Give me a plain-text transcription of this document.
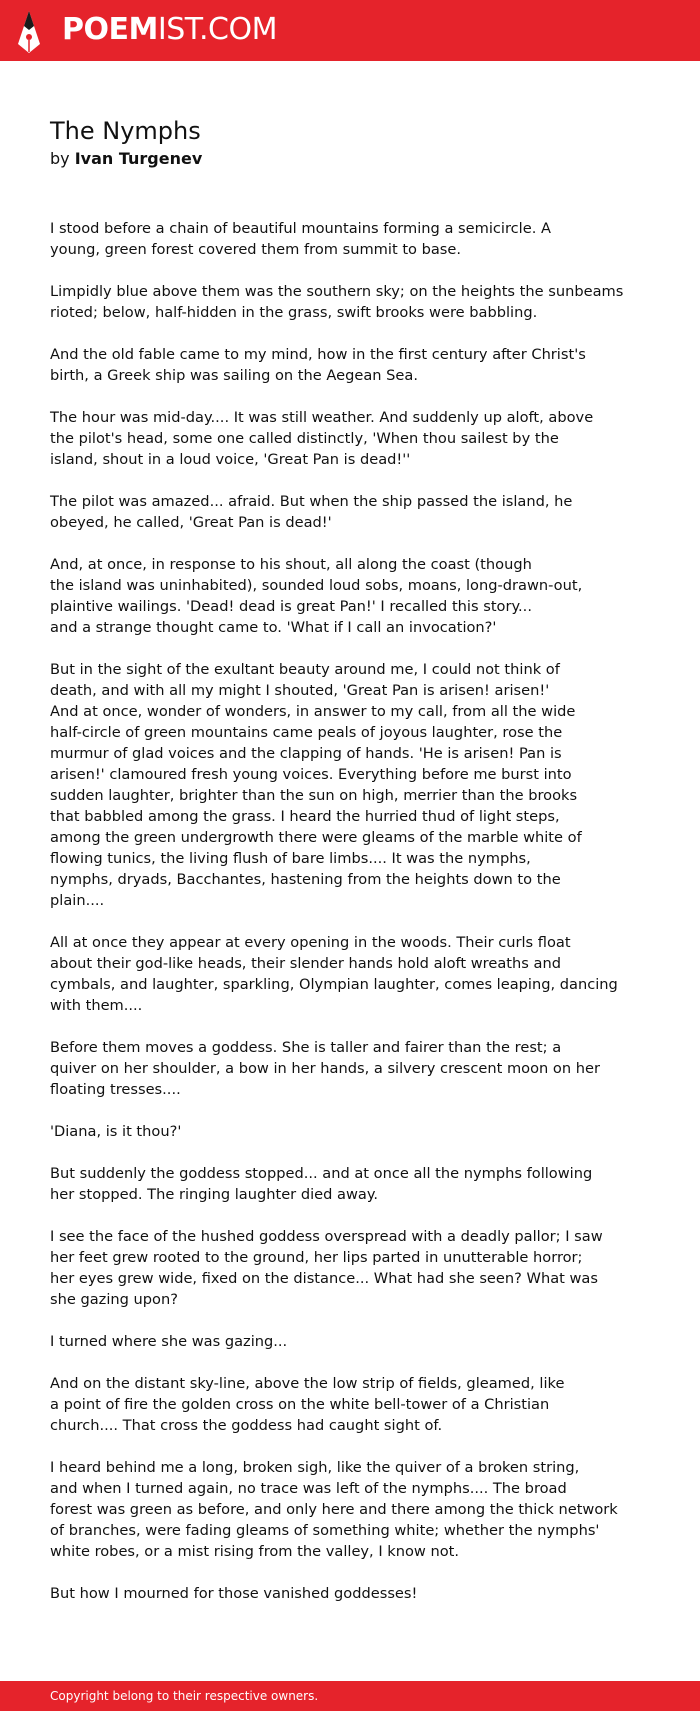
POEMIST.COM
The Nymphs
by Ivan Turgenev

I stood before a chain of beautiful mountains forming a semicircle. A
young, green forest covered them from summit to base.

Limpidly blue above them was the southern sky; on the heights the sunbeams
rioted; below, half-hidden in the grass, swift brooks were babbling.

And the old fable came to my mind, how in the first century after Christ's
birth, a Greek ship was sailing on the Aegean Sea.

The hour was mid-day.... It was still weather. And suddenly up aloft, above
the pilot's head, some one called distinctly, 'When thou sailest by the
island, shout in a loud voice, 'Great Pan is dead!''

The pilot was amazed... afraid. But when the ship passed the island, he
obeyed, he called, 'Great Pan is dead!'

And, at once, in response to his shout, all along the coast (though
the island was uninhabited), sounded loud sobs, moans, long-drawn-out,
plaintive wailings. 'Dead! dead is great Pan!' I recalled this story...
and a strange thought came to. 'What if I call an invocation?'

But in the sight of the exultant beauty around me, I could not think of
death, and with all my might I shouted, 'Great Pan is arisen! arisen!'
And at once, wonder of wonders, in answer to my call, from all the wide
half-circle of green mountains came peals of joyous laughter, rose the
murmur of glad voices and the clapping of hands. 'He is arisen! Pan is
arisen!' clamoured fresh young voices. Everything before me burst into
sudden laughter, brighter than the sun on high, merrier than the brooks
that babbled among the grass. I heard the hurried thud of light steps,
among the green undergrowth there were gleams of the marble white of
flowing tunics, the living flush of bare limbs.... It was the nymphs,
nymphs, dryads, Bacchantes, hastening from the heights down to the
plain....

All at once they appear at every opening in the woods. Their curls float
about their god-like heads, their slender hands hold aloft wreaths and
cymbals, and laughter, sparkling, Olympian laughter, comes leaping, dancing
with them....

Before them moves a goddess. She is taller and fairer than the rest; a
quiver on her shoulder, a bow in her hands, a silvery crescent moon on her
floating tresses....

'Diana, is it thou?'

But suddenly the goddess stopped... and at once all the nymphs following
her stopped. The ringing laughter died away.

I see the face of the hushed goddess overspread with a deadly pallor; I saw
her feet grew rooted to the ground, her lips parted in unutterable horror;
her eyes grew wide, fixed on the distance... What had she seen? What was
she gazing upon?

I turned where she was gazing...

And on the distant sky-line, above the low strip of fields, gleamed, like
a point of fire the golden cross on the white bell-tower of a Christian
church.... That cross the goddess had caught sight of.

I heard behind me a long, broken sigh, like the quiver of a broken string,
and when I turned again, no trace was left of the nymphs.... The broad
forest was green as before, and only here and there among the thick network
of branches, were fading gleams of something white; whether the nymphs'
white robes, or a mist rising from the valley, I know not.

But how I mourned for those vanished goddesses!

Copyright belong to their respective owners.
